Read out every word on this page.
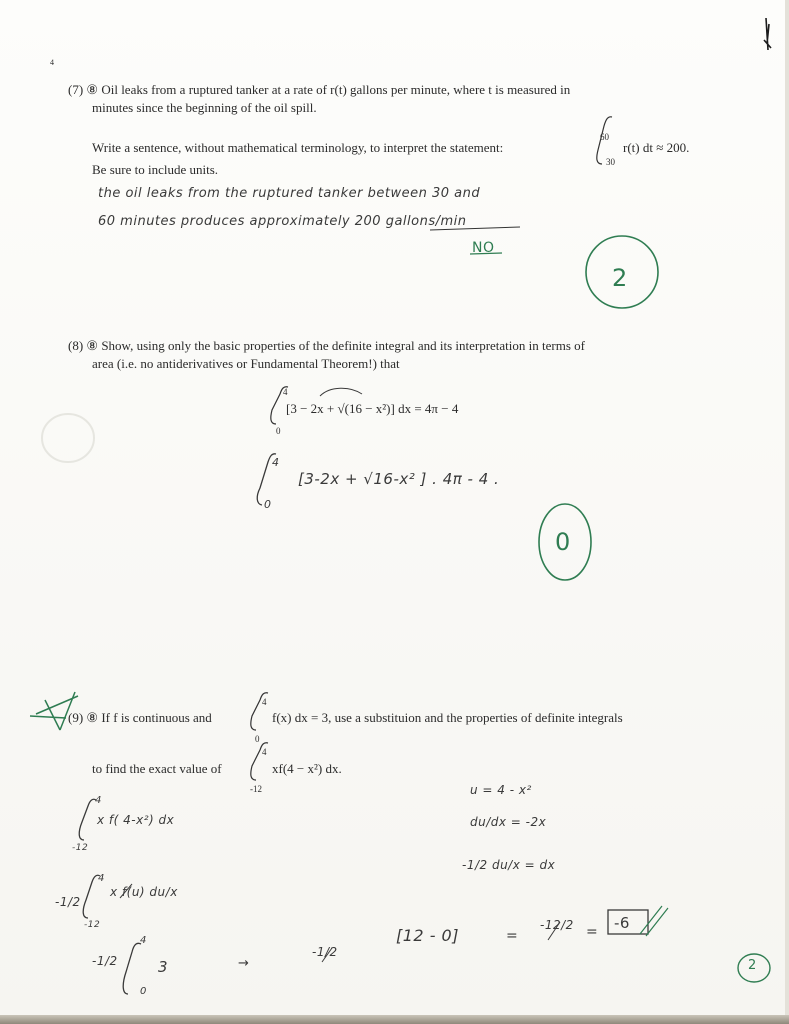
4
(7) ⑧ Oil leaks from a ruptured tanker at a rate of r(t) gallons per minute, where t is measured in
minutes since the beginning of the oil spill.
Write a sentence, without mathematical terminology, to interpret the statement:
60
30
r(t) dt ≈ 200.
Be sure to include units.
the oil leaks from the ruptured tanker between 30 and
60 minutes produces approximately 200 gallons/min
NO
2
(8) ⑧ Show, using only the basic properties of the definite integral and its interpretation in terms of
area (i.e. no antiderivatives or Fundamental Theorem!) that
4
0
[3 − 2x + √(16 − x²)] dx = 4π − 4
4
0
[3-2x + √16-x² ] . 4π - 4 .
0
(9) ⑧ If f is continuous and
4
0
f(x) dx = 3, use a substituion and the properties of definite integrals
to find the exact value of
4
-12
xf(4 − x²) dx.
4
-12
x f( 4-x²) dx
-1/2
4
-12
x f(u) du/x
-1/2
4
0
3	→
-1/2
[12 - 0]	=
-12/2 = -6
u = 4 - x²
du/dx = -2x
-1/2 du/x = dx
2
